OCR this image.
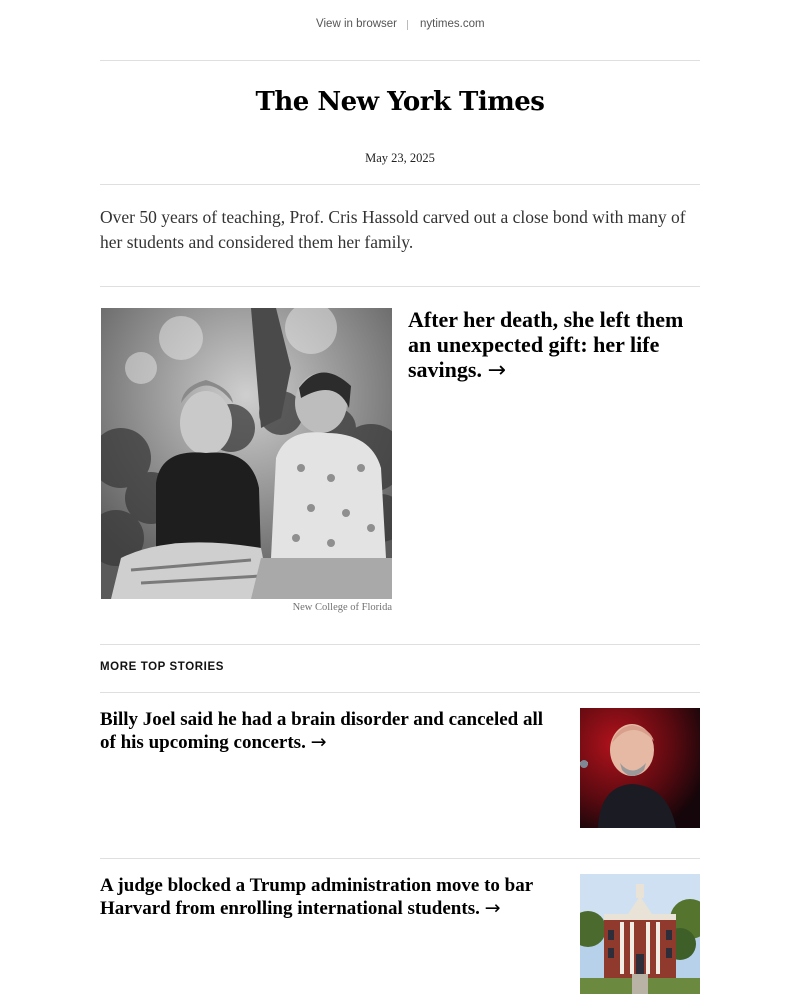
View in browser nytimes.com
The New York Times
May 23, 2025
Over 50 years of teaching, Prof. Cris Hassold carved out a close bond with many of her students and considered them her family.
New College of Florida
After her death, she left them an unexpected gift: her life savings. →
MORE TOP STORIES
Billy Joel said he had a brain disorder and canceled all of his upcoming concerts. →
A judge blocked a Trump administration move to bar Harvard from enrolling international students. →
